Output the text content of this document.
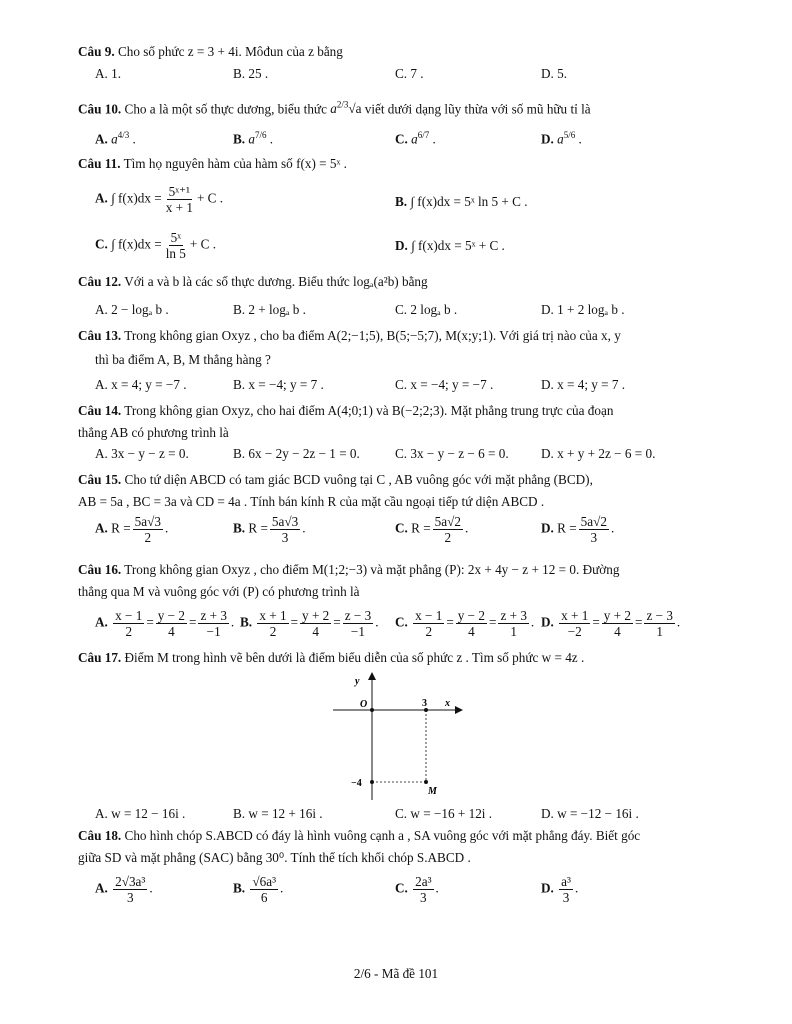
Câu 9. Cho số phức z = 3 + 4i. Môđun của z bằng
A. 1.	B. 25 .	C. 7 .	D. 5.
Câu 10. Cho a là một số thực dương, biểu thức $a^{2/3}√a$ viết dưới dạng lũy thừa với số mũ hữu tỉ là
A. $a^{4/3}$ .	B. $a^{7/6}$ .	C. $a^{6/7}$ .	D. $a^{5/6}$ .
Câu 11. Tìm họ nguyên hàm của hàm số f(x) = 5ˣ .
A. ∫ $f(x)dx = \frac{\text{5ˣ⁺¹}}{x + 1} + C$ .	B. ∫ f(x)dx = 5ˣ ln 5 + C .
C. ∫ $f(x)dx = \frac{\text{5ˣ}}{\ln 5} + C$ .	D. ∫ f(x)dx = 5ˣ + C .
Câu 12. Với a và b là các số thực dương. Biểu thức logₐ(a²b) bằng
A. 2 − logₐ b .	B. 2 + logₐ b .	C. 2 logₐ b .	D. 1 + 2 logₐ b .
Câu 13. Trong không gian Oxyz , cho ba điểm A(2;−1;5), B(5;−5;7), M(x;y;1). Với giá trị nào của x, y
thì ba điểm A, B, M thẳng hàng ?
A. x = 4; y = −7 .	B. x = −4; y = 7 .	C. x = −4; y = −7 .	D. x = 4; y = 7 .
Câu 14. Trong không gian Oxyz, cho hai điểm A(4;0;1) và B(−2;2;3). Mặt phẳng trung trực của đoạn
thẳng AB có phương trình là
A. 3x − y − z = 0.	B. 6x − 2y − 2z − 1 = 0.	C. 3x − y − z − 6 = 0. D. x + y + 2z − 6 = 0.
Câu 15. Cho tứ diện ABCD có tam giác BCD vuông tại C , AB vuông góc với mặt phẳng (BCD),
AB = 5a , BC = 3a và CD = 4a . Tính bán kính R của mặt cầu ngoại tiếp tứ diện ABCD .
A. $R = \frac{5a√3}{2}$ .	B. $R = \frac{5a√3}{3}$ .	C. $R = \frac{5a√2}{2}$ .	D. $R = \frac{5a√2}{3}$ .
Câu 16. Trong không gian Oxyz , cho điểm M(1;2;−3) và mặt phẳng (P): 2x + 4y − z + 12 = 0. Đường
thẳng qua M và vuông góc với (P) có phương trình là
A. $\frac{x - 1}{2} = \frac{y - 2}{4} = \frac{z + 3}{-1}$ . B. $\frac{x + 1}{2} = \frac{y + 2}{4} = \frac{z - 3}{-1}$ . C. $\frac{x - 1}{2} = \frac{y - 2}{4} = \frac{z + 3}{1}$ . D. $\frac{x + 1}{-2} = \frac{y + 2}{4} = \frac{z - 3}{1}$ .
Câu 17. Điểm M trong hình vẽ bên dưới là điểm biểu diễn của số phức z . Tìm số phức w = 4z .
y
x
O	3
−4
M
A. w = 12 − 16i .	B. w = 12 + 16i .	C. w = −16 + 12i .	D. w = −12 − 16i .
Câu 18. Cho hình chóp S.ABCD có đáy là hình vuông cạnh a , SA vuông góc với mặt phẳng đáy. Biết góc
giữa SD và mặt phẳng (SAC) bằng 30⁰. Tính thể tích khối chóp S.ABCD .
A. $\frac{\text{2√3a³}}{3}$ .	B. $\frac{\text{√6a³}}{6}$ .	C. $\frac{\text{2a³}}{3}$ .	D. $\frac{\text{a³}}{3}$ .
2/6 - Mã đề 101
